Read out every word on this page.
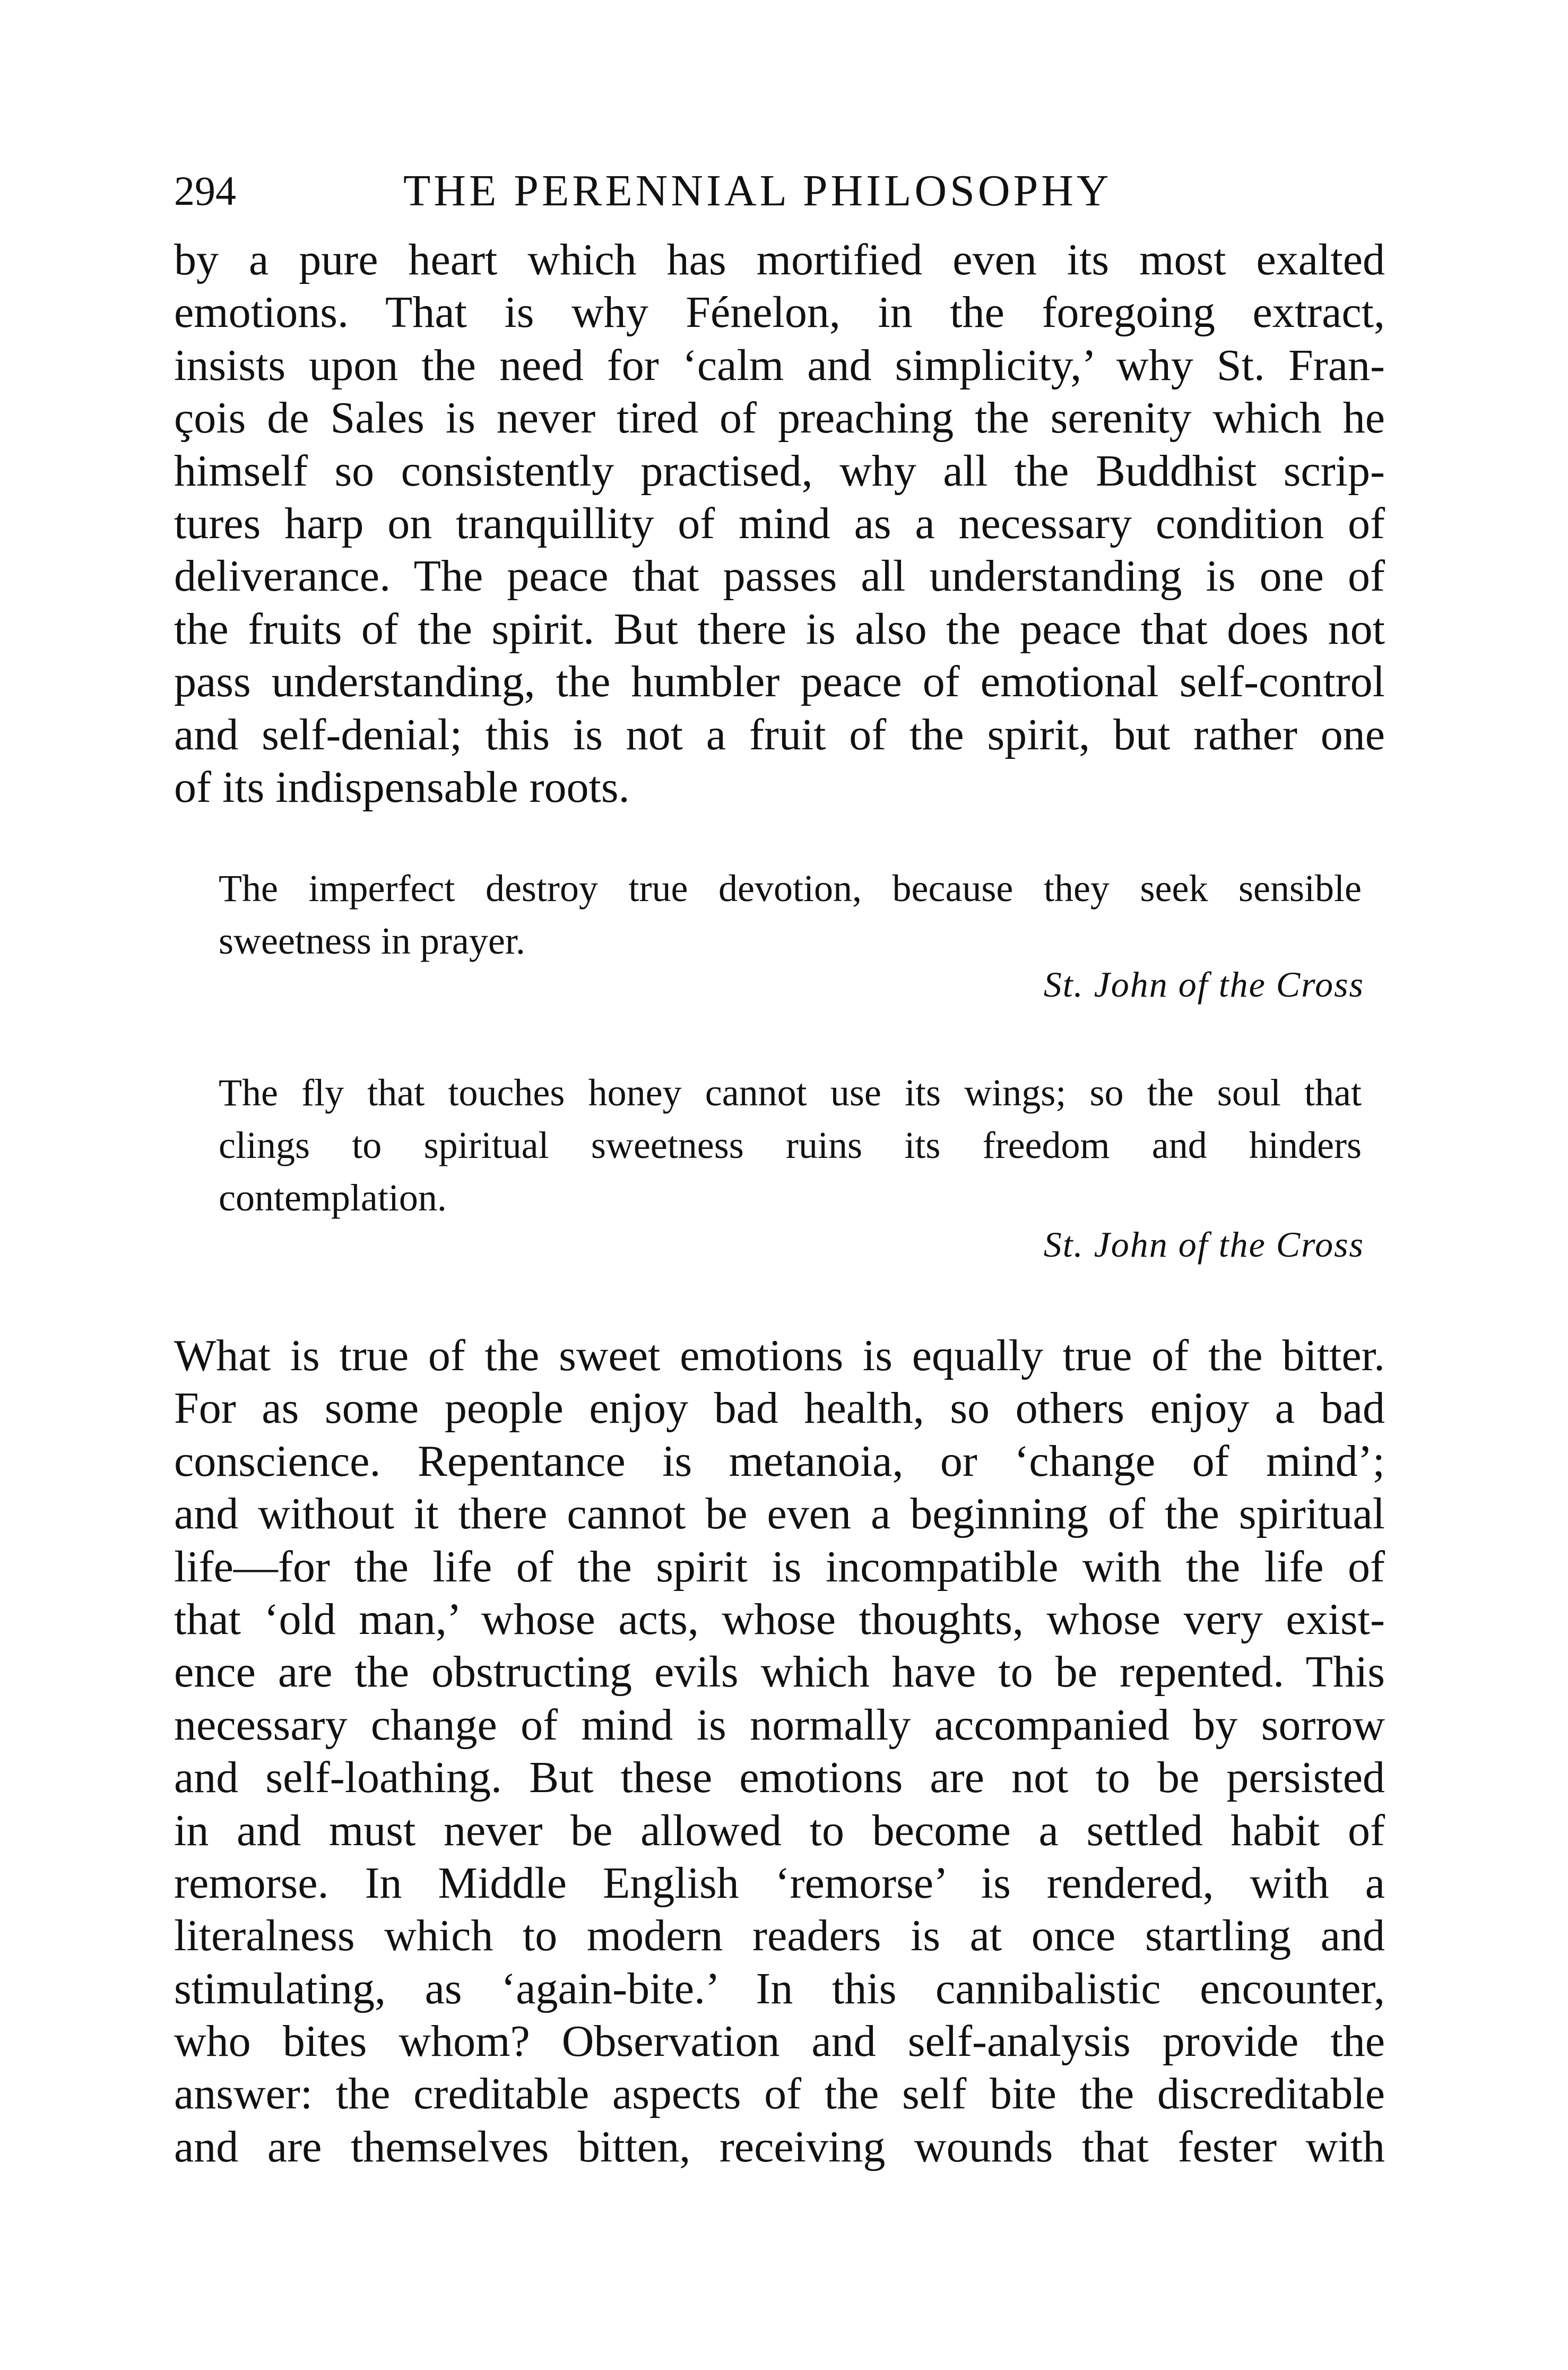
294	THE PERENNIAL PHILOSOPHY
by a pure heart which has mortified even its most exalted
emotions. That is why Fénelon, in the foregoing extract,
insists upon the need for ‘calm and simplicity,’ why St. Fran-
çois de Sales is never tired of preaching the serenity which he
himself so consistently practised, why all the Buddhist scrip-
tures harp on tranquillity of mind as a necessary condition of
deliverance. The peace that passes all understanding is one of
the fruits of the spirit. But there is also the peace that does not
pass understanding, the humbler peace of emotional self-control
and self-denial; this is not a fruit of the spirit, but rather one
of its indispensable roots.
The imperfect destroy true devotion, because they seek sensible
sweetness in prayer.
St. John of the Cross
The fly that touches honey cannot use its wings; so the soul that
clings to spiritual sweetness ruins its freedom and hinders
contemplation.
St. John of the Cross
What is true of the sweet emotions is equally true of the bitter.
For as some people enjoy bad health, so others enjoy a bad
conscience. Repentance is metanoia, or ‘change of mind’;
and without it there cannot be even a beginning of the spiritual
life—for the life of the spirit is incompatible with the life of
that ‘old man,’ whose acts, whose thoughts, whose very exist-
ence are the obstructing evils which have to be repented. This
necessary change of mind is normally accompanied by sorrow
and self-loathing. But these emotions are not to be persisted
in and must never be allowed to become a settled habit of
remorse. In Middle English ‘remorse’ is rendered, with a
literalness which to modern readers is at once startling and
stimulating, as ‘again-bite.’ In this cannibalistic encounter,
who bites whom? Observation and self-analysis provide the
answer: the creditable aspects of the self bite the discreditable
and are themselves bitten, receiving wounds that fester with
